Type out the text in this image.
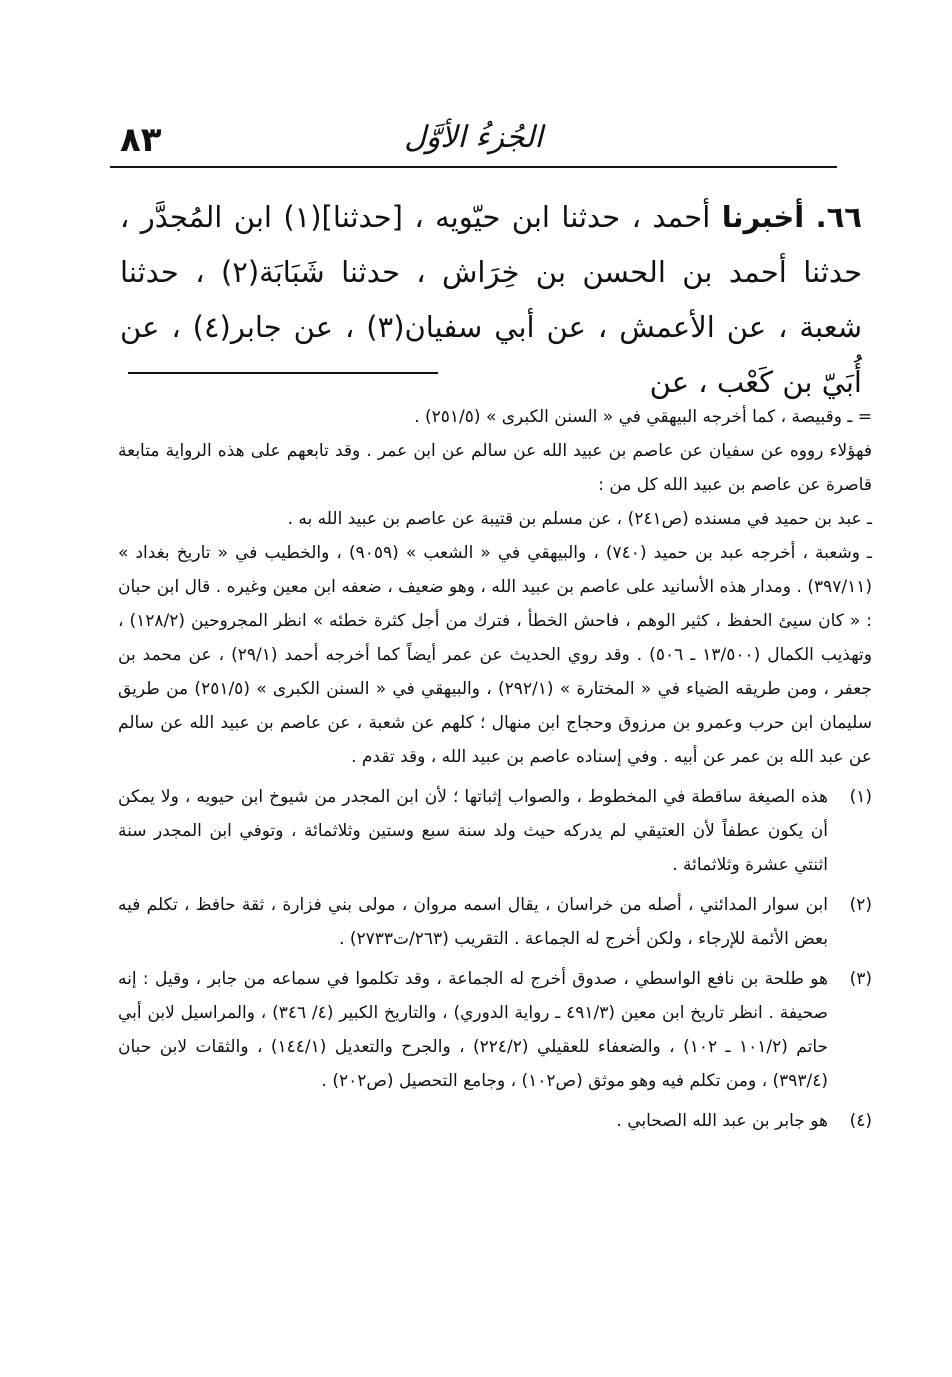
٨٣	الجُزءُ الأوَّل
٦٦. أخبرنا أحمد ، حدثنا ابن حيّويه ، [حدثنا](١) ابن المُجدَّر ، حدثنا أحمد بن الحسن بن خِرَاش ، حدثنا شَبَابَة(٢) ، حدثنا شعبة ، عن الأعمش ، عن أبي سفيان(٣) ، عن جابر(٤) ، عن أُبَيّ بن كَعْب ، عن
= ـ وقبيصة ، كما أخرجه البيهقي في « السنن الكبرى » (٢٥١/٥) .
فهؤلاء رووه عن سفيان عن عاصم بن عبيد الله عن سالم عن ابن عمر . وقد تابعهم على هذه الرواية متابعة قاصرة عن عاصم بن عبيد الله كل من :
ـ عبد بن حميد في مسنده (ص٢٤١) ، عن مسلم بن قتيبة عن عاصم بن عبيد الله به .
ـ وشعبة ، أخرجه عبد بن حميد (٧٤٠) ، والبيهقي في « الشعب » (٩٠٥٩) ، والخطيب في « تاريخ بغداد » (٣٩٧/١١) . ومدار هذه الأسانيد على عاصم بن عبيد الله ، وهو ضعيف ، ضعفه ابن معين وغيره . قال ابن حبان : « كان سيئ الحفظ ، كثير الوهم ، فاحش الخطأ ، فترك من أجل كثرة خطئه » انظر المجروحين (١٢٨/٢) ، وتهذيب الكمال (١٣/٥٠٠ ـ ٥٠٦) . وقد روي الحديث عن عمر أيضاً كما أخرجه أحمد (٢٩/١) ، عن محمد بن جعفر ، ومن طريقه الضياء في « المختارة » (٢٩٢/١) ، والبيهقي في « السنن الكبرى » (٢٥١/٥) من طريق سليمان ابن حرب وعمرو بن مرزوق وحجاج ابن منهال ؛ كلهم عن شعبة ، عن عاصم بن عبيد الله عن سالم عن عبد الله بن عمر عن أبيه . وفي إسناده عاصم بن عبيد الله ، وقد تقدم .
(١)
هذه الصيغة ساقطة في المخطوط ، والصواب إثباتها ؛ لأن ابن المجدر من شيوخ ابن حيويه ، ولا يمكن أن يكون عطفاً لأن العتيقي لم يدركه حيث ولد سنة سبع وستين وثلاثمائة ، وتوفي ابن المجدر سنة اثنتي عشرة وثلاثمائة .
(٢)
ابن سوار المدائني ، أصله من خراسان ، يقال اسمه مروان ، مولى بني فزارة ، ثقة حافظ ، تكلم فيه بعض الأئمة للإرجاء ، ولكن أخرج له الجماعة . التقريب (٢٦٣/ت٢٧٣٣) .
(٣)
هو طلحة بن نافع الواسطي ، صدوق أخرج له الجماعة ، وقد تكلموا في سماعه من جابر ، وقيل : إنه صحيفة . انظر تاريخ ابن معين (٤٩١/٣ ـ رواية الدوري) ، والتاريخ الكبير (٤/ ٣٤٦) ، والمراسيل لابن أبي حاتم (١٠١/٢ ـ ١٠٢) ، والضعفاء للعقيلي (٢٢٤/٢) ، والجرح والتعديل (١٤٤/١) ، والثقات لابن حبان (٣٩٣/٤) ، ومن تكلم فيه وهو موثق (ص١٠٢) ، وجامع التحصيل (ص٢٠٢) .
(٤)
هو جابر بن عبد الله الصحابي .
